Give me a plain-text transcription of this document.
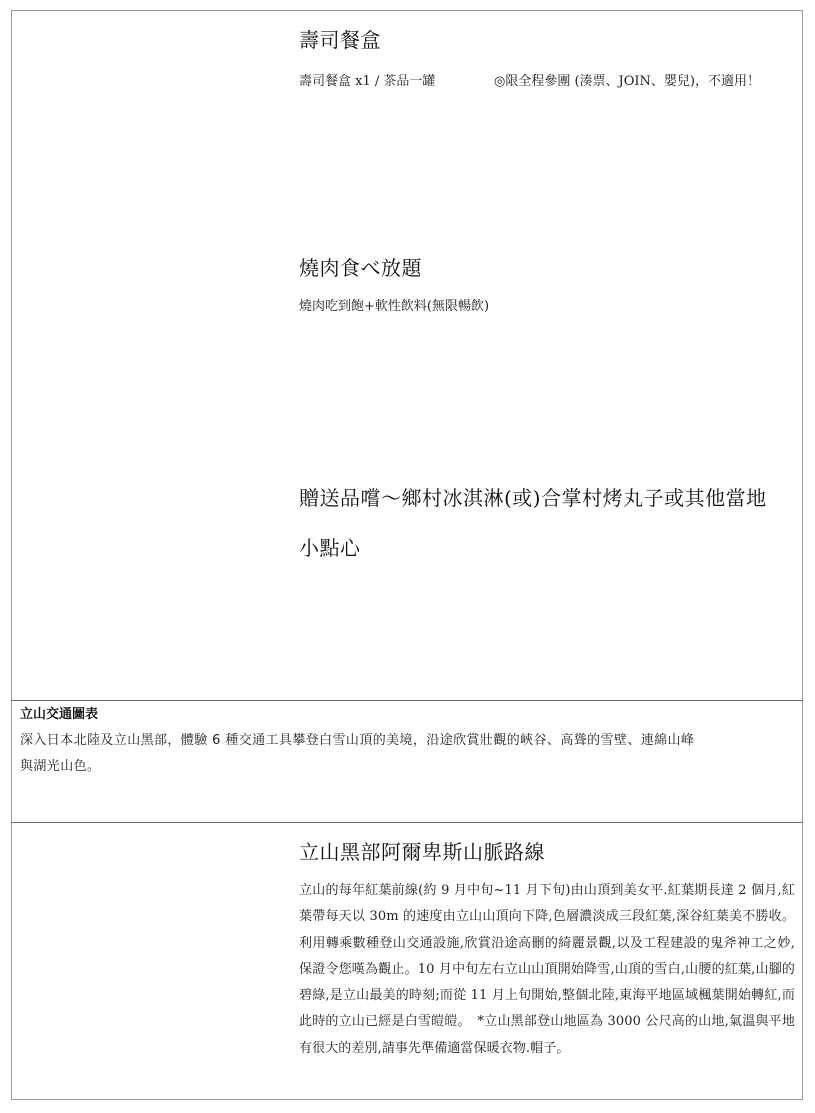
壽司餐盒
壽司餐盒 x1 / 茶品一罐	◎限全程參團 (湊票、JOIN、嬰兒)，不適用！
燒肉食べ放題

燒肉吃到飽+軟性飲料(無限暢飲)

贈送品嚐～鄉村冰淇淋(或)合掌村烤丸子或其他當地
小點心

立山交通圖表

深入日本北陸及立山黑部，體驗 6 種交通工具攀登白雪山頂的美境，沿途欣賞壯觀的峽谷、高聳的雪壁、連綿山峰
與湖光山色。

立山黑部阿爾卑斯山脈路線

立山的每年紅葉前線(約 9 月中旬~11 月下旬)由山頂到美女平.紅葉期長達 2 個月,紅葉帶每天以 30m 的速度由立山山頂向下降,色層濃淡成三段紅葉,深谷紅葉美不勝收。利用轉乘數種登山交通設施,欣賞沿途高刪的綺麗景觀,以及工程建設的鬼斧神工之妙,保證令您嘆為觀止。10 月中旬左右立山山頂開始降雪,山頂的雪白,山腰的紅葉,山腳的碧綠,是立山最美的時刻;而從 11 月上旬開始,整個北陸,東海平地區域楓葉開始轉紅,而此時的立山已經是白雪皚皚。　*立山黑部登山地區為 3000 公尺高的山地,氣溫與平地有很大的差別,請事先準備適當保暖衣物.帽子。
